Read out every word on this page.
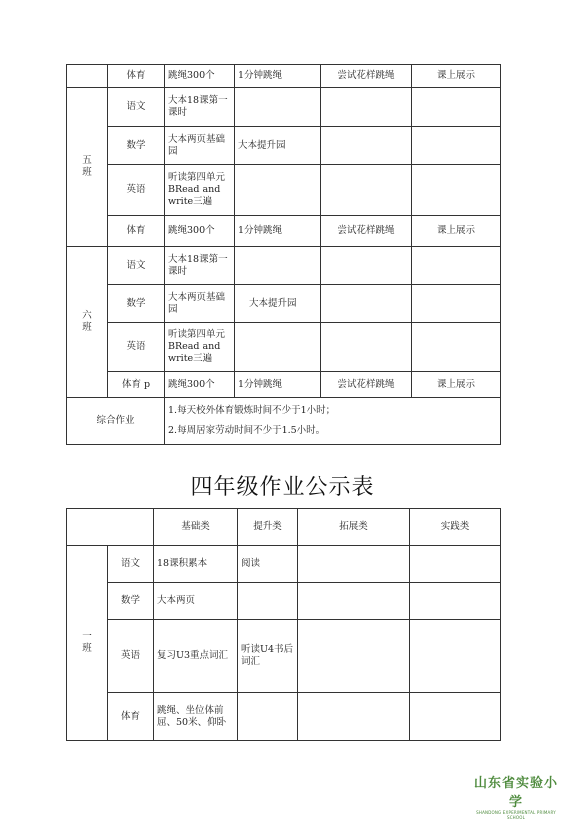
	体育	跳绳300个	1分钟跳绳	尝试花样跳绳	课上展示

五
班	语文	大本18课第一课时			
	数学	大本两页基础园	大本提升园		
	英语	听读第四单元BRead and write三遍			
	体育	跳绳300个	1分钟跳绳	尝试花样跳绳	课上展示

六
班	语文	大本18课第一课时			
	数学	大本两页基础园	大本提升园		
	英语	听读第四单元BRead and write三遍			
	体育 p	跳绳300个	1分钟跳绳	尝试花样跳绳	课上展示
综合作业		1.每天校外体育锻炼时间不少于1小时；
2.每周居家劳动时间不少于1.5小时。			
四年级作业公示表
		基础类	提升类	拓展类	实践类

一
班	语文	18课积累本	阅读		
	数学	大本两页			
	英语	复习U3重点词汇	听读U4书后词汇		
	体育	跳绳、坐位体前屈、50米、仰卧			
山东省实验小学
SHANDONG EXPERIMENTAL PRIMARY SCHOOL
